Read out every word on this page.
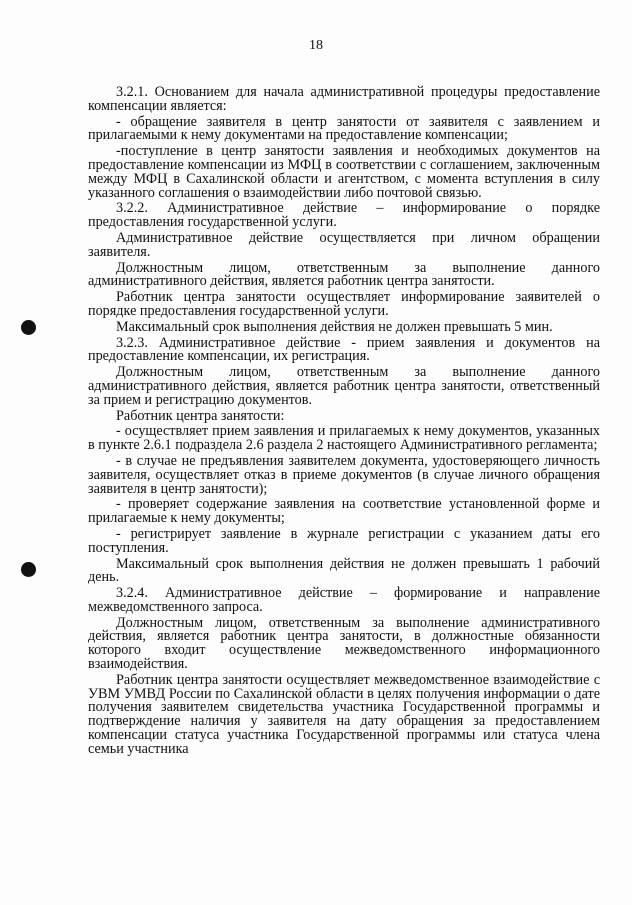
18

3.2.1. Основанием для начала административной процедуры предоставление компенсации является:

- обращение заявителя в центр занятости от заявителя с заявлением и прилагаемыми к нему документами на предоставление компенсации;

-поступление в центр занятости заявления и необходимых документов на предоставление компенсации из МФЦ в соответствии с соглашением, заключенным между МФЦ в Сахалинской области и агентством, с момента вступления в силу указанного соглашения о взаимодействии либо почтовой связью.

3.2.2. Административное действие – информирование о порядке предоставления государственной услуги.

Административное действие осуществляется при личном обращении заявителя.

Должностным лицом, ответственным за выполнение данного административного действия, является работник центра занятости.

Работник центра занятости осуществляет информирование заявителей о порядке предоставления государственной услуги.

Максимальный срок выполнения действия не должен превышать 5 мин.

3.2.3. Административное действие - прием заявления и документов на предоставление компенсации, их регистрация.

Должностным лицом, ответственным за выполнение данного административного действия, является работник центра занятости, ответственный за прием и регистрацию документов.

Работник центра занятости:

- осуществляет прием заявления и прилагаемых к нему документов, указанных в пункте 2.6.1 подраздела 2.6 раздела 2 настоящего Административного регламента;

- в случае не предъявления заявителем документа, удостоверяющего личность заявителя, осуществляет отказ в приеме документов (в случае личного обращения заявителя в центр занятости);

- проверяет содержание заявления на соответствие установленной форме и прилагаемые к нему документы;

- регистрирует заявление в журнале регистрации с указанием даты его поступления.

Максимальный срок выполнения действия не должен превышать 1 рабочий день.

3.2.4. Административное действие – формирование и направление межведомственного запроса.

Должностным лицом, ответственным за выполнение административного действия, является работник центра занятости, в должностные обязанности которого входит осуществление межведомственного информационного взаимодействия.

Работник центра занятости осуществляет межведомственное взаимодействие с УВМ УМВД России по Сахалинской области в целях получения информации о дате получения заявителем свидетельства участника Государственной программы и подтверждение наличия у заявителя на дату обращения за предоставлением компенсации статуса участника Государственной программы или статуса члена семьи участника
